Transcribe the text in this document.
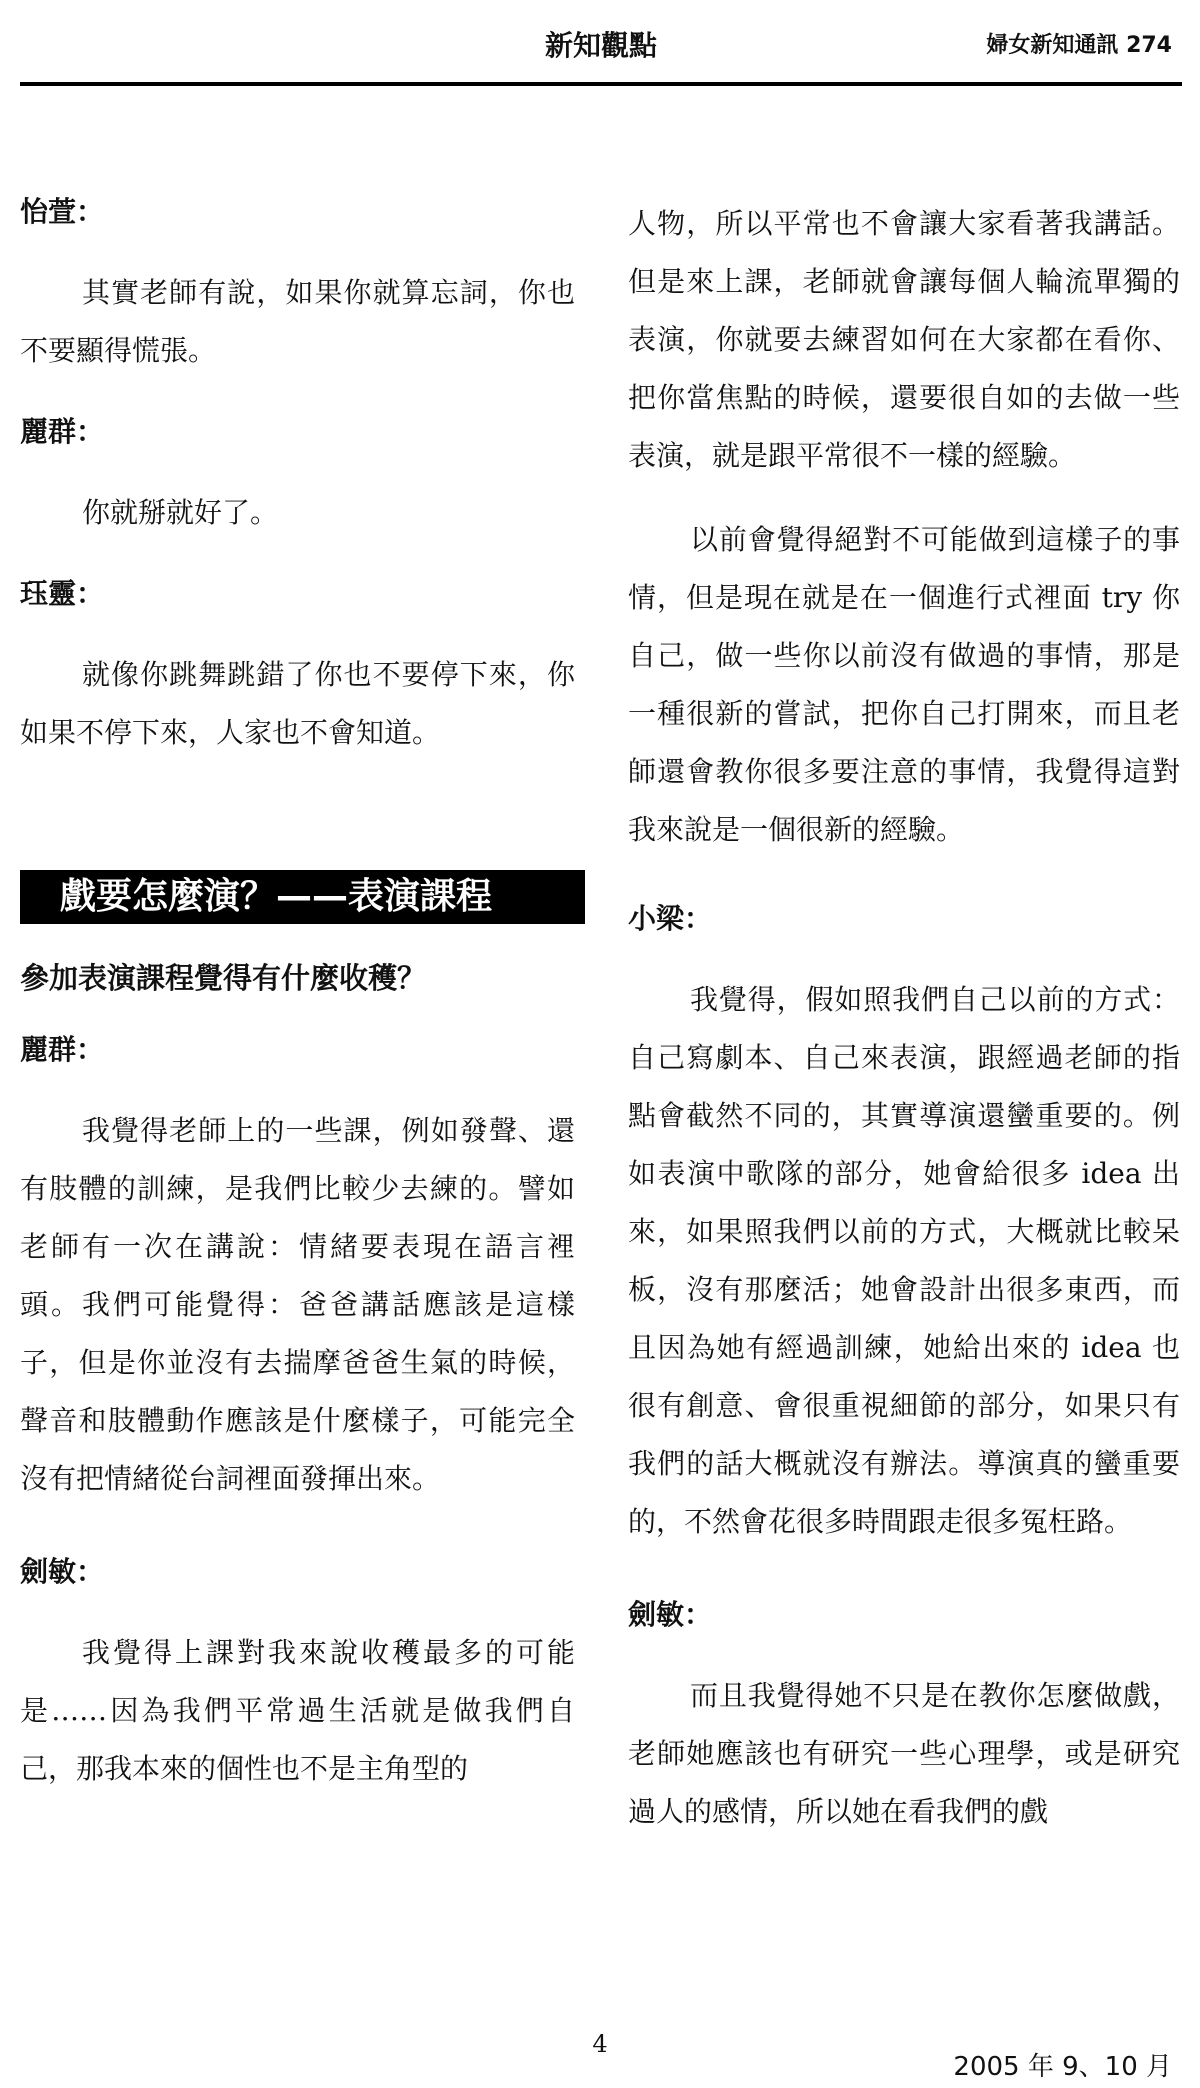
新知觀點	婦女新知通訊 274

怡萱：

其實老師有說，如果你就算忘詞，你也不要顯得慌張。

麗群：

你就掰就好了。

珏靈：

就像你跳舞跳錯了你也不要停下來，你如果不停下來，人家也不會知道。

戲要怎麼演？——表演課程

參加表演課程覺得有什麼收穫？

麗群：

我覺得老師上的一些課，例如發聲、還有肢體的訓練，是我們比較少去練的。譬如老師有一次在講說：情緒要表現在語言裡頭。我們可能覺得：爸爸講話應該是這樣子，但是你並沒有去揣摩爸爸生氣的時候，聲音和肢體動作應該是什麼樣子，可能完全沒有把情緒從台詞裡面發揮出來。

劍敏：

我覺得上課對我來說收穫最多的可能是……因為我們平常過生活就是做我們自己，那我本來的個性也不是主角型的

人物，所以平常也不會讓大家看著我講話。但是來上課，老師就會讓每個人輪流單獨的表演，你就要去練習如何在大家都在看你、把你當焦點的時候，還要很自如的去做一些表演，就是跟平常很不一樣的經驗。

以前會覺得絕對不可能做到這樣子的事情，但是現在就是在一個進行式裡面 try 你自己，做一些你以前沒有做過的事情，那是一種很新的嘗試，把你自己打開來，而且老師還會教你很多要注意的事情，我覺得這對我來說是一個很新的經驗。

小梁：

我覺得，假如照我們自己以前的方式：自己寫劇本、自己來表演，跟經過老師的指點會截然不同的，其實導演還蠻重要的。例如表演中歌隊的部分，她會給很多 idea 出來，如果照我們以前的方式，大概就比較呆板，沒有那麼活；她會設計出很多東西，而且因為她有經過訓練，她給出來的 idea 也很有創意、會很重視細節的部分，如果只有我們的話大概就沒有辦法。導演真的蠻重要的，不然會花很多時間跟走很多冤枉路。

劍敏：

而且我覺得她不只是在教你怎麼做戲，老師她應該也有研究一些心理學，或是研究過人的感情，所以她在看我們的戲

4
2005 年 9、10 月
